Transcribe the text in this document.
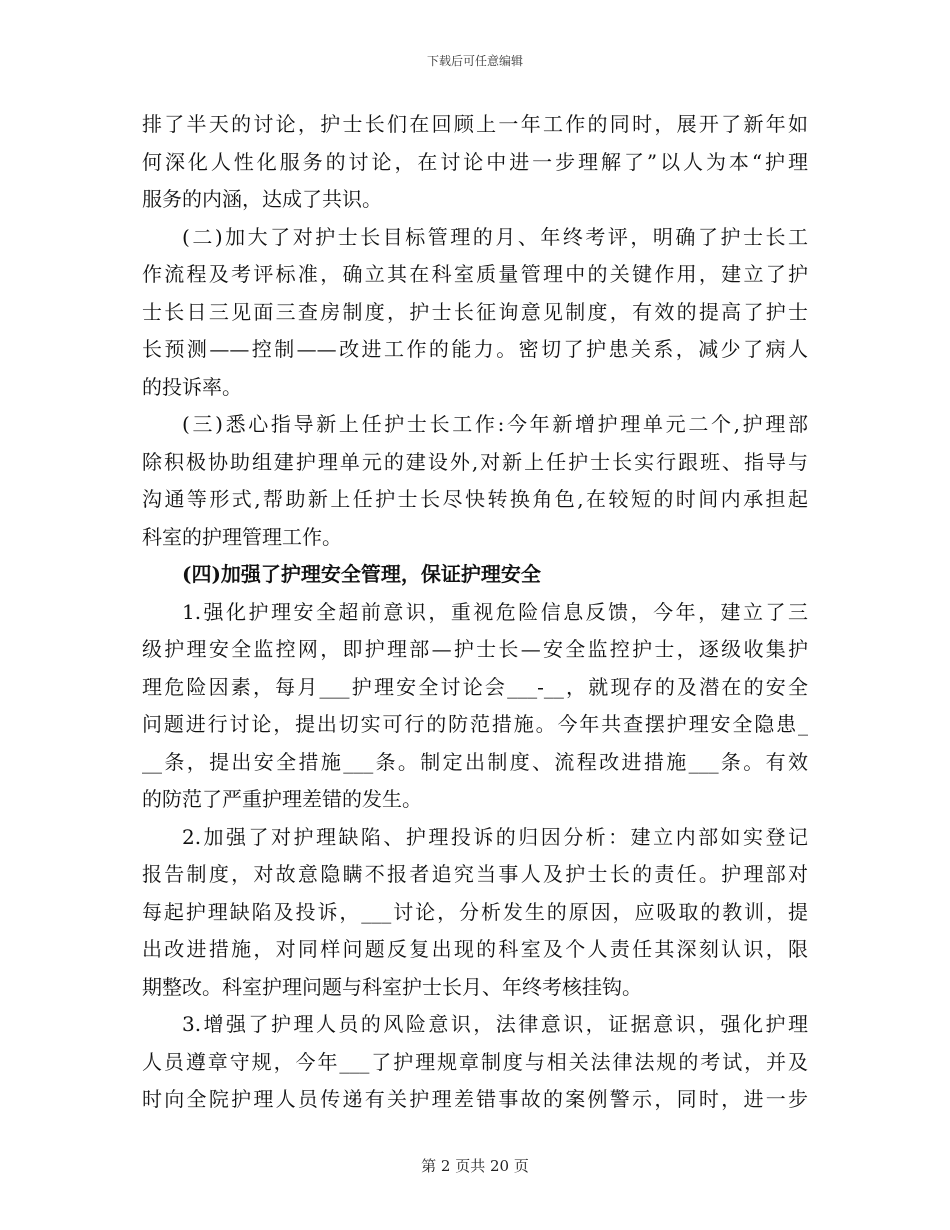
下载后可任意编辑
排了半天的讨论，护士长们在回顾上一年工作的同时，展开了新年如
何深化人性化服务的讨论，在讨论中进一步理解了”以人为本“护理
服务的内涵，达成了共识。
(二)加大了对护士长目标管理的月、年终考评，明确了护士长工
作流程及考评标准，确立其在科室质量管理中的关键作用，建立了护
士长日三见面三查房制度，护士长征询意见制度，有效的提高了护士
长预测——控制——改进工作的能力。密切了护患关系，减少了病人
的投诉率。
(三)悉心指导新上任护士长工作:今年新增护理单元二个,护理部
除积极协助组建护理单元的建设外,对新上任护士长实行跟班、指导与
沟通等形式,帮助新上任护士长尽快转换角色,在较短的时间内承担起
科室的护理管理工作。
(四)加强了护理安全管理，保证护理安全
1.强化护理安全超前意识，重视危险信息反馈，今年，建立了三
级护理安全监控网，即护理部—护士长—安全监控护士，逐级收集护
理危险因素，每月___护理安全讨论会___-__，就现存的及潜在的安全
问题进行讨论，提出切实可行的防范措施。今年共查摆护理安全隐患_
__条，提出安全措施___条。制定出制度、流程改进措施___条。有效
的防范了严重护理差错的发生。
2.加强了对护理缺陷、护理投诉的归因分析：建立内部如实登记
报告制度，对故意隐瞒不报者追究当事人及护士长的责任。护理部对
每起护理缺陷及投诉，___讨论，分析发生的原因，应吸取的教训，提
出改进措施，对同样问题反复出现的科室及个人责任其深刻认识，限
期整改。科室护理问题与科室护士长月、年终考核挂钩。
3.增强了护理人员的风险意识，法律意识，证据意识，强化护理
人员遵章守规，今年___了护理规章制度与相关法律法规的考试，并及
时向全院护理人员传递有关护理差错事故的案例警示，同时，进一步
第 2 页共 20 页
